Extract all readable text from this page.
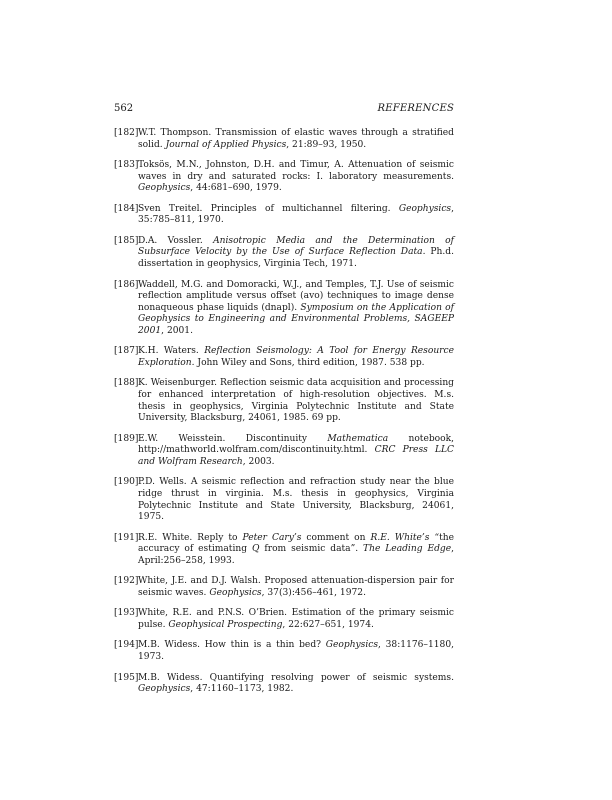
562	REFERENCES
[182] W.T. Thompson. Transmission of elastic waves through a stratified solid. Journal of Applied Physics, 21:89–93, 1950.
[183] Toksös, M.N., Johnston, D.H. and Timur, A. Attenuation of seismic waves in dry and saturated rocks: I. laboratory measurements. Geophysics, 44:681–690, 1979.
[184] Sven Treitel. Principles of multichannel filtering. Geophysics, 35:785–811, 1970.
[185] D.A. Vossler. Anisotropic Media and the Determination of Subsurface Velocity by the Use of Surface Reflection Data. Ph.d. dissertation in geophysics, Virginia Tech, 1971.
[186] Waddell, M.G. and Domoracki, W.J., and Temples, T.J. Use of seismic reflection amplitude versus offset (avo) techniques to image dense nonaqueous phase liquids (dnapl). Symposium on the Application of Geophysics to Engineering and Environmental Problems, SAGEEP 2001, 2001.
[187] K.H. Waters. Reflection Seismology: A Tool for Energy Resource Exploration. John Wiley and Sons, third edition, 1987. 538 pp.
[188] K. Weisenburger. Reflection seismic data acquisition and processing for enhanced interpretation of high-resolution objectives. M.s. thesis in geophysics, Virginia Polytechnic Institute and State University, Blacksburg, 24061, 1985. 69 pp.
[189] E.W. Weisstein. Discontinuity Mathematica notebook, http://mathworld.wolfram.com/discontinuity.html. CRC Press LLC and Wolfram Research, 2003.
[190] P.D. Wells. A seismic reflection and refraction study near the blue ridge thrust in virginia. M.s. thesis in geophysics, Virginia Polytechnic Institute and State University, Blacksburg, 24061, 1975.
[191] R.E. White. Reply to Peter Cary’s comment on R.E. White’s “the accuracy of estimating Q from seismic data”. The Leading Edge, April:256–258, 1993.
[192] White, J.E. and D.J. Walsh. Proposed attenuation-dispersion pair for seismic waves. Geophysics, 37(3):456–461, 1972.
[193] White, R.E. and P.N.S. O’Brien. Estimation of the primary seismic pulse. Geophysical Prospecting, 22:627–651, 1974.
[194] M.B. Widess. How thin is a thin bed? Geophysics, 38:1176–1180, 1973.
[195] M.B. Widess. Quantifying resolving power of seismic systems. Geophysics, 47:1160–1173, 1982.
